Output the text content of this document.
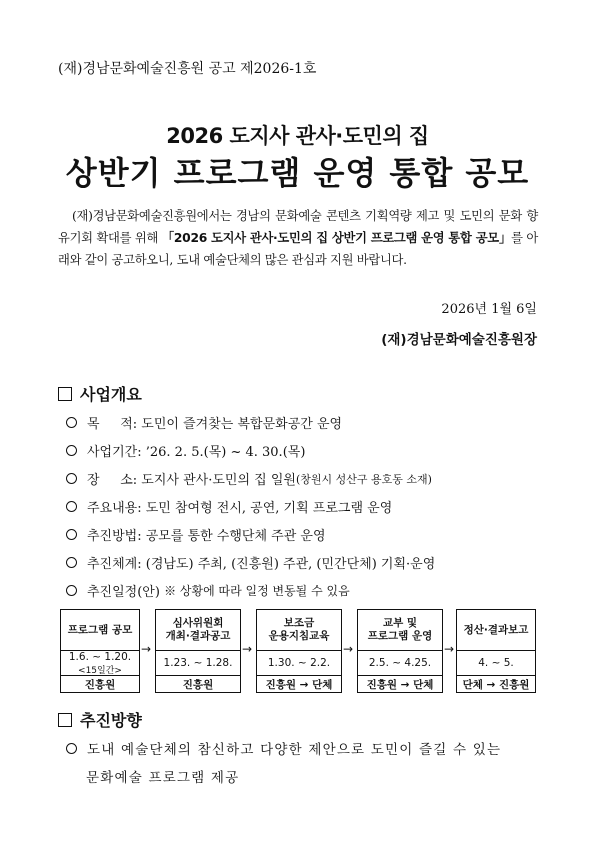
(재)경남문화예술진흥원 공고 제2026-1호
2026 도지사 관사·도민의 집
상반기 프로그램 운영 통합 공모
(재)경남문화예술진흥원에서는 경남의 문화예술 콘텐츠 기획역량 제고 및 도민의 문화 향유기회 확대를 위해 「2026 도지사 관사·도민의 집 상반기 프로그램 운영 통합 공모」를 아래와 같이 공고하오니, 도내 예술단체의 많은 관심과 지원 바랍니다.
2026년 1월 6일
(재)경남문화예술진흥원장
사업개요
목     적: 도민이 즐겨찾는 복합문화공간 운영
사업기간: ’26. 2. 5.(목) ~ 4. 30.(목)
장     소: 도지사 관사·도민의 집 일원 (창원시 성산구 용호동 소재)
주요내용: 도민 참여형 전시, 공연, 기획 프로그램 운영
추진방법: 공모를 통한 수행단체 주관 운영
추진체계: (경남도) 주최, (진흥원) 주관, (민간단체) 기획·운영
추진일정(안) ※ 상황에 따라 일정 변동될 수 있음
프로그램 공모
1.6. ~ 1.20.
<15일간>
진흥원
→
심사위원회
개최·결과공고
1.23. ~ 1.28.
진흥원
→
보조금
운용지침교육
1.30. ~ 2.2.
진흥원 → 단체
→
교부 및
프로그램 운영
2.5. ~ 4.25.
진흥원 → 단체
→
정산·결과보고
4. ~ 5.
단체 → 진흥원
추진방향
도내 예술단체의 참신하고 다양한 제안으로 도민이 즐길 수 있는
문화예술 프로그램 제공
